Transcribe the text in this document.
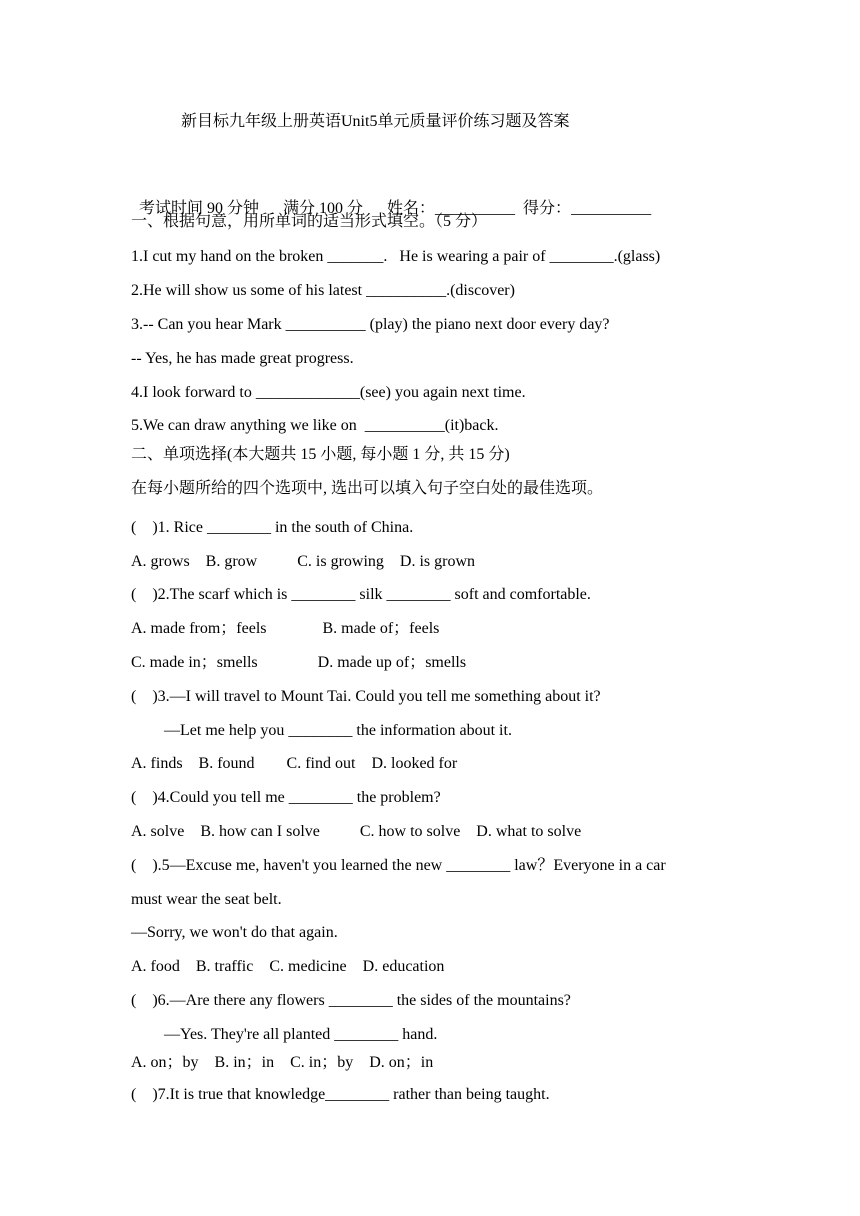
新目标九年级上册英语Unit5单元质量评价练习题及答案

考试时间 90 分钟 满分 100 分 姓名：__________ 得分：__________

一、根据句意，用所单词的适当形式填空。（5 分）
1.I cut my hand on the broken _______.   He is wearing a pair of ________.(glass)
2.He will show us some of his latest __________.(discover)
3.-- Can you hear Mark __________ (play) the piano next door every day?
-- Yes, he has made great progress.
4.I look forward to _____________(see) you again next time.
5.We can draw anything we like on  __________(it)back.
二、单项选择(本大题共 15 小题, 每小题 1 分, 共 15 分)
在每小题所给的四个选项中, 选出可以填入句子空白处的最佳选项。
(    )1. Rice ________ in the south of China.
A. grows    B. grow          C. is growing    D. is grown
(    )2.The scarf which is ________ silk ________ soft and comfortable.
A. made from；feels              B. made of；feels
C. made in；smells               D. made up of；smells
(    )3.—I will travel to Mount Tai. Could you tell me something about it?
—Let me help you ________ the information about it.
A. finds    B. found        C. find out    D. looked for
(    )4.Could you tell me ________ the problem?
A. solve    B. how can I solve          C. how to solve    D. what to solve
(    ).5—Excuse me, haven't you learned the new ________ law？Everyone in a car
must wear the seat belt.
—Sorry, we won't do that again.
A. food    B. traffic    C. medicine    D. education
(    )6.—Are there any flowers ________ the sides of the mountains?
—Yes. They're all planted ________ hand.
A. on；by    B. in；in    C. in；by    D. on；in
(    )7.It is true that knowledge________ rather than being taught.
